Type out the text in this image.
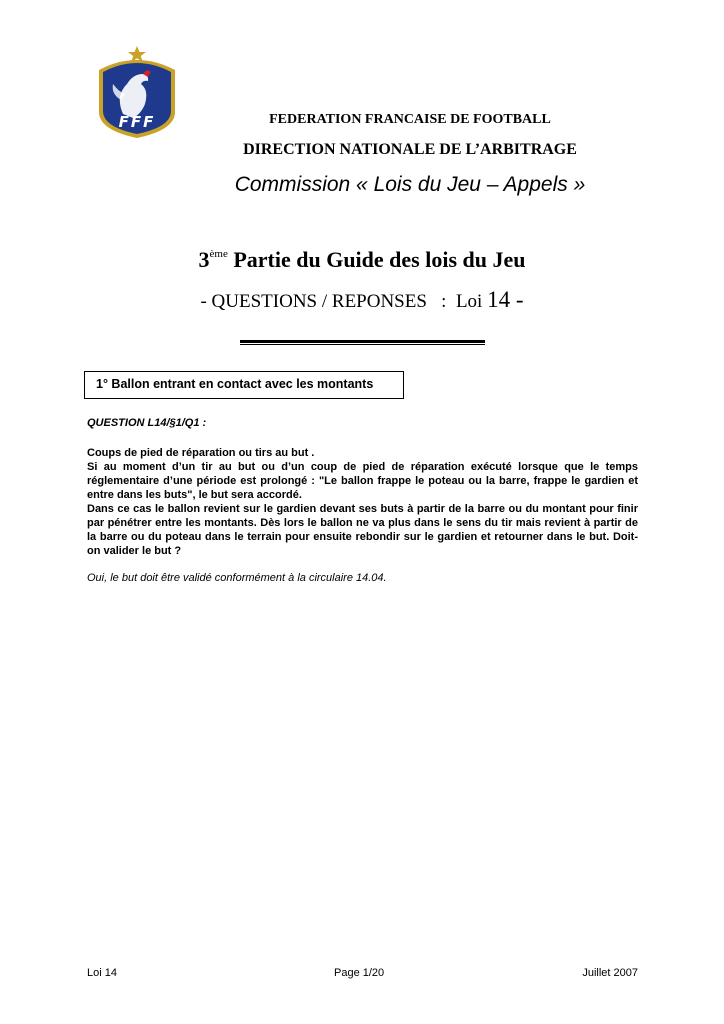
FFF	FEDERATION FRANCAISE DE FOOTBALL
DIRECTION NATIONALE DE L’ARBITRAGE
Commission « Lois du Jeu – Appels »
3ème Partie du Guide des lois du Jeu
- QUESTIONS / REPONSES   :  Loi 14 -
1° Ballon entrant en contact avec les montants
QUESTION L14/§1/Q1 :

Coups de pied de réparation ou tirs au but .

Si au moment d’un tir au but ou d’un coup de pied de réparation exécuté lorsque que le temps réglementaire d’une période est prolongé : "Le ballon frappe le poteau ou la barre, frappe le gardien et entre dans les buts", le but sera accordé.

Dans ce cas le ballon revient sur le gardien devant ses buts à partir de la barre ou du montant pour finir par pénétrer entre les montants. Dès lors le ballon ne va plus dans le sens du tir mais revient à partir de la barre ou du poteau dans le terrain pour ensuite rebondir sur le gardien et retourner dans le but. Doit-on valider le but ?

Oui, le but doit être validé conformément à la circulaire 14.04.
Loi 14	Page 1/20	Juillet 2007
